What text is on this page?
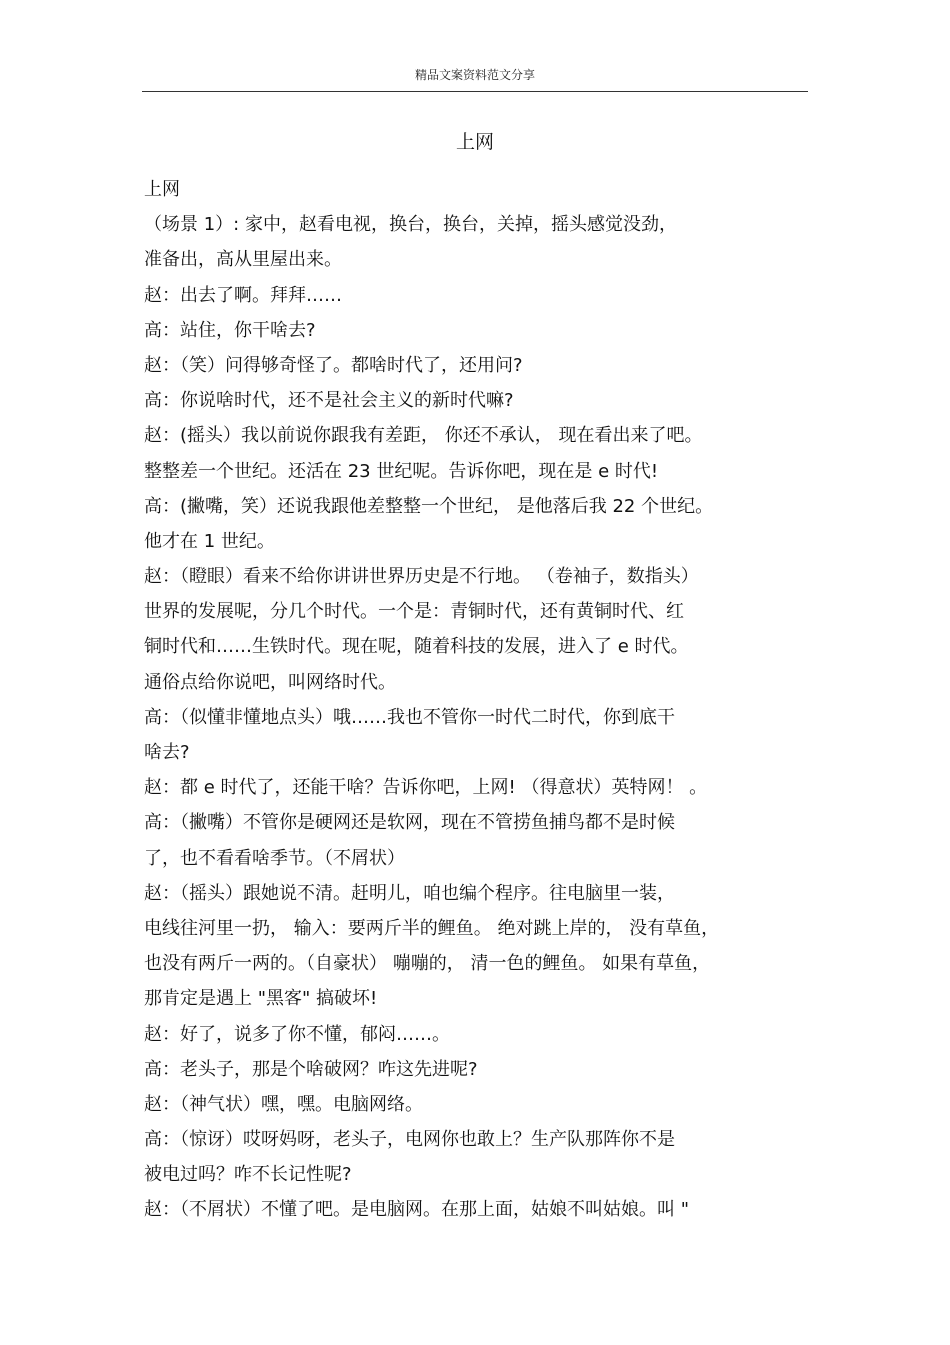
精品文案资料范文分享
上网
上网
（场景 1）: 家中，赵看电视，换台，换台，关掉，摇头感觉没劲，
准备出，高从里屋出来。
赵：出去了啊。拜拜……
高：站住，你干啥去?
赵：（笑）问得够奇怪了。都啥时代了，还用问?
高：你说啥时代，还不是社会主义的新时代嘛?
赵：(摇头）我以前说你跟我有差距， 你还不承认， 现在看出来了吧。
整整差一个世纪。还活在 23 世纪呢。告诉你吧，现在是 e 时代!
高：(撇嘴，笑）还说我跟他差整整一个世纪， 是他落后我 22 个世纪。
他才在 1 世纪。
赵：（瞪眼）看来不给你讲讲世界历史是不行地。 （卷袖子，数指头）
世界的发展呢，分几个时代。一个是：青铜时代，还有黄铜时代、红
铜时代和……生铁时代。现在呢，随着科技的发展，进入了 e 时代。
通俗点给你说吧，叫网络时代。
高：（似懂非懂地点头）哦……我也不管你一时代二时代，你到底干
啥去?
赵：都 e 时代了，还能干啥？告诉你吧，上网! （得意状）英特网！ 。
高：（撇嘴）不管你是硬网还是软网，现在不管捞鱼捕鸟都不是时候
了，也不看看啥季节。（不屑状）
赵：（摇头）跟她说不清。赶明儿，咱也编个程序。往电脑里一装，
电线往河里一扔， 输入：要两斤半的鲤鱼。 绝对跳上岸的， 没有草鱼，
也没有两斤一两的。（自豪状） 嘣嘣的， 清一色的鲤鱼。 如果有草鱼，
那肯定是遇上 "黑客" 搞破坏!
赵：好了，说多了你不懂，郁闷……。
高：老头子，那是个啥破网？咋这先进呢?
赵：（神气状）嘿，嘿。电脑网络。
高：（惊讶）哎呀妈呀，老头子，电网你也敢上？生产队那阵你不是
被电过吗？咋不长记性呢?
赵：（不屑状）不懂了吧。是电脑网。在那上面，姑娘不叫姑娘。叫 "
